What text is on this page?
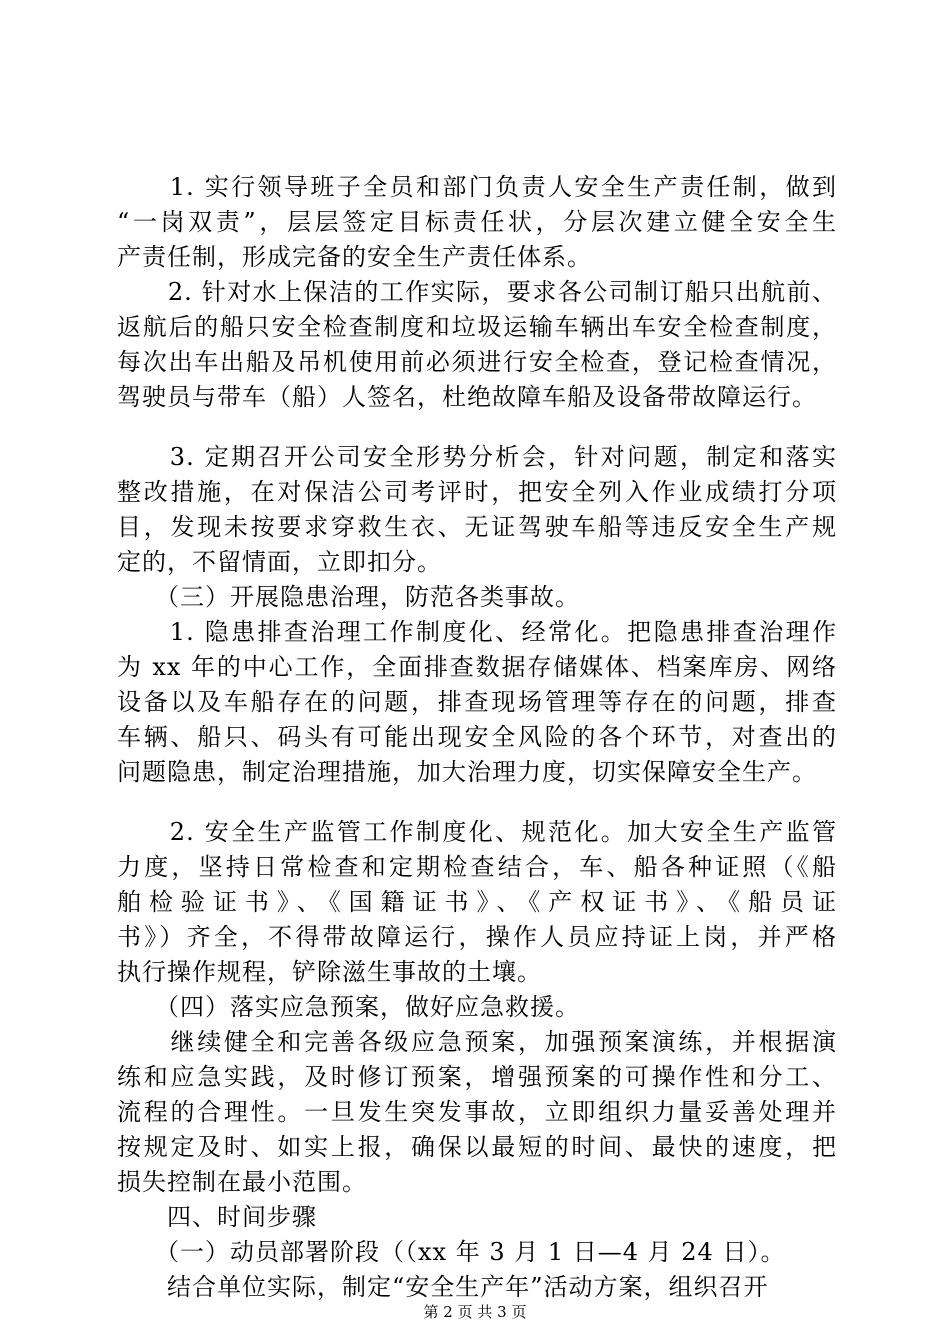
　　1. 实行领导班子全员和部门负责人安全生产责任制，做到
“一岗双责”，层层签定目标责任状，分层次建立健全安全生
产责任制，形成完备的安全生产责任体系。
　　2. 针对水上保洁的工作实际，要求各公司制订船只出航前、
返航后的船只安全检查制度和垃圾运输车辆出车安全检查制度，
每次出车出船及吊机使用前必须进行安全检查，登记检查情况，
驾驶员与带车（船）人签名，杜绝故障车船及设备带故障运行。
　　3. 定期召开公司安全形势分析会，针对问题，制定和落实
整改措施，在对保洁公司考评时，把安全列入作业成绩打分项
目，发现未按要求穿救生衣、无证驾驶车船等违反安全生产规
定的，不留情面，立即扣分。
　　（三）开展隐患治理，防范各类事故。
　　1. 隐患排查治理工作制度化、经常化。把隐患排查治理作
为 xx 年的中心工作，全面排查数据存储媒体、档案库房、网络
设备以及车船存在的问题，排查现场管理等存在的问题，排查
车辆、船只、码头有可能出现安全风险的各个环节，对查出的
问题隐患，制定治理措施，加大治理力度，切实保障安全生产。
　　2. 安全生产监管工作制度化、规范化。加大安全生产监管
力度，坚持日常检查和定期检查结合，车、船各种证照（《船
舶检验证书》、《国籍证书》、《产权证书》、《船员证
书》）齐全，不得带故障运行，操作人员应持证上岗，并严格
执行操作规程，铲除滋生事故的土壤。
　　（四）落实应急预案，做好应急救援。
　　继续健全和完善各级应急预案，加强预案演练，并根据演
练和应急实践，及时修订预案，增强预案的可操作性和分工、
流程的合理性。一旦发生突发事故，立即组织力量妥善处理并
按规定及时、如实上报，确保以最短的时间、最快的速度，把
损失控制在最小范围。
　　四、时间步骤
　　（一）动员部署阶段（（xx 年 3 月 1 日—4 月 24 日）。
　　结合单位实际，制定“安全生产年”活动方案，组织召开
第 2 页 共 3 页
